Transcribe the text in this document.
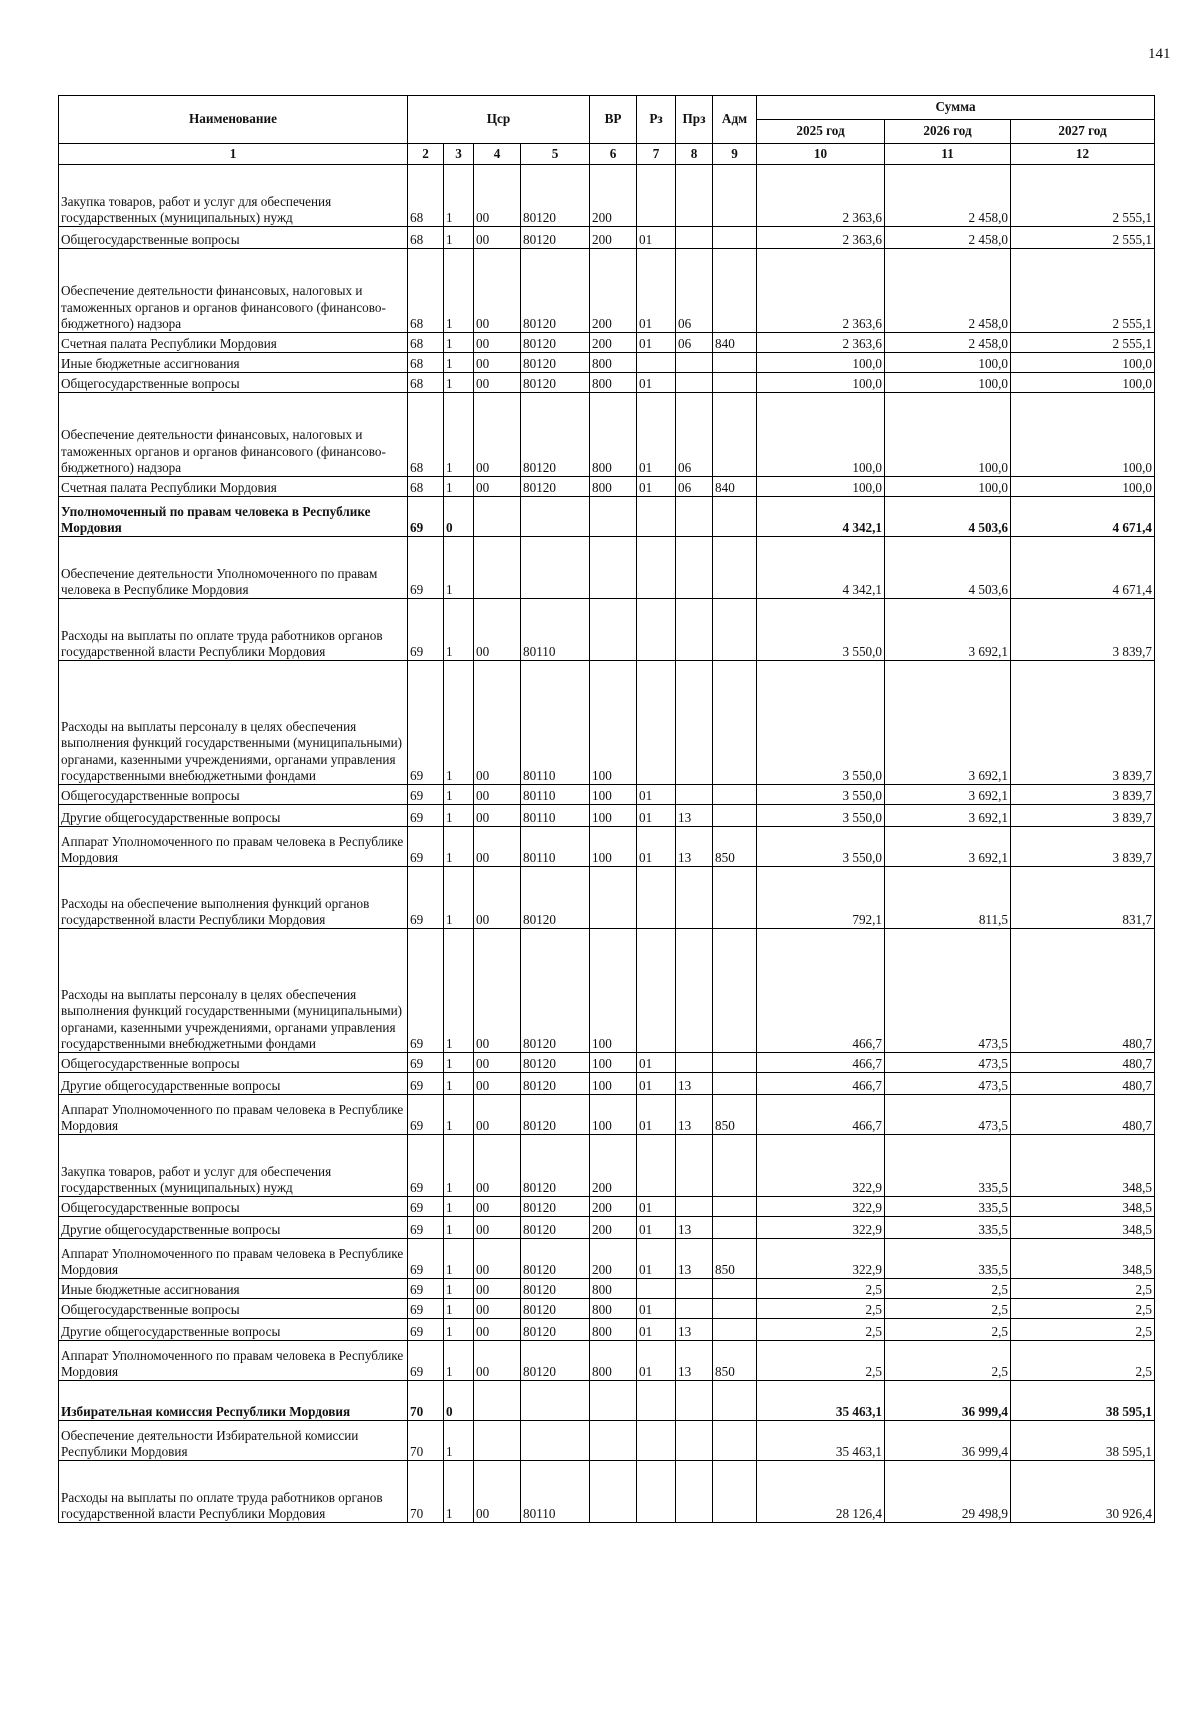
141
Наименование	Цср				ВР	Рз	Прз	Адм	Сумма		
									2025 год	2026 год	2027 год
1	2	3	4	5	6	7	8	9	10	11	12
Закупка товаров, работ и услуг для обеспечения государственных (муниципальных) нужд	68	1	00	80120	200				2 363,6	2 458,0	2 555,1
Общегосударственные вопросы	68	1	00	80120	200	01			2 363,6	2 458,0	2 555,1
Обеспечение деятельности финансовых, налоговых и таможенных органов и органов финансового (финансово-бюджетного) надзора	68	1	00	80120	200	01	06		2 363,6	2 458,0	2 555,1
Счетная палата Республики Мордовия	68	1	00	80120	200	01	06	840	2 363,6	2 458,0	2 555,1
Иные бюджетные ассигнования	68	1	00	80120	800				100,0	100,0	100,0
Общегосударственные вопросы	68	1	00	80120	800	01			100,0	100,0	100,0
Обеспечение деятельности финансовых, налоговых и таможенных органов и органов финансового (финансово-бюджетного) надзора	68	1	00	80120	800	01	06		100,0	100,0	100,0
Счетная палата Республики Мордовия	68	1	00	80120	800	01	06	840	100,0	100,0	100,0
Уполномоченный по правам человека в Республике Мордовия	69	0							4 342,1	4 503,6	4 671,4
Обеспечение деятельности Уполномоченного по правам человека в Республике Мордовия	69	1							4 342,1	4 503,6	4 671,4
Расходы на выплаты по оплате труда работников органов государственной власти Республики Мордовия	69	1	00	80110					3 550,0	3 692,1	3 839,7
Расходы на выплаты персоналу в целях обеспечения выполнения функций государственными (муниципальными) органами, казенными учреждениями, органами управления государственными внебюджетными фондами	69	1	00	80110	100				3 550,0	3 692,1	3 839,7
Общегосударственные вопросы	69	1	00	80110	100	01			3 550,0	3 692,1	3 839,7
Другие общегосударственные вопросы	69	1	00	80110	100	01	13		3 550,0	3 692,1	3 839,7
Аппарат Уполномоченного по правам человека в Республике Мордовия	69	1	00	80110	100	01	13	850	3 550,0	3 692,1	3 839,7
Расходы на обеспечение выполнения функций органов государственной власти Республики Мордовия	69	1	00	80120					792,1	811,5	831,7
Расходы на выплаты персоналу в целях обеспечения выполнения функций государственными (муниципальными) органами, казенными учреждениями, органами управления государственными внебюджетными фондами	69	1	00	80120	100				466,7	473,5	480,7
Общегосударственные вопросы	69	1	00	80120	100	01			466,7	473,5	480,7
Другие общегосударственные вопросы	69	1	00	80120	100	01	13		466,7	473,5	480,7
Аппарат Уполномоченного по правам человека в Республике Мордовия	69	1	00	80120	100	01	13	850	466,7	473,5	480,7
Закупка товаров, работ и услуг для обеспечения государственных (муниципальных) нужд	69	1	00	80120	200				322,9	335,5	348,5
Общегосударственные вопросы	69	1	00	80120	200	01			322,9	335,5	348,5
Другие общегосударственные вопросы	69	1	00	80120	200	01	13		322,9	335,5	348,5
Аппарат Уполномоченного по правам человека в Республике Мордовия	69	1	00	80120	200	01	13	850	322,9	335,5	348,5
Иные бюджетные ассигнования	69	1	00	80120	800				2,5	2,5	2,5
Общегосударственные вопросы	69	1	00	80120	800	01			2,5	2,5	2,5
Другие общегосударственные вопросы	69	1	00	80120	800	01	13		2,5	2,5	2,5
Аппарат Уполномоченного по правам человека в Республике Мордовия	69	1	00	80120	800	01	13	850	2,5	2,5	2,5
Избирательная комиссия Республики Мордовия	70	0							35 463,1	36 999,4	38 595,1
Обеспечение деятельности Избирательной комиссии Республики Мордовия	70	1							35 463,1	36 999,4	38 595,1
Расходы на выплаты по оплате труда работников органов государственной власти Республики Мордовия	70	1	00	80110					28 126,4	29 498,9	30 926,4
